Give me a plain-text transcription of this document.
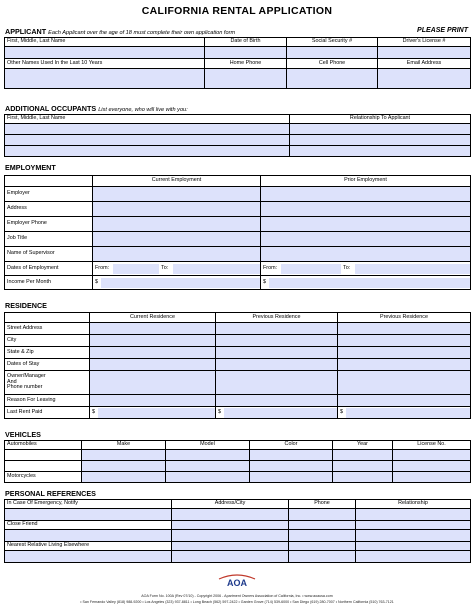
CALIFORNIA RENTAL APPLICATION
APPLICANT Each Applicant over the age of 18 must complete their own application form	PLEASE PRINT
First, Middle, Last Name	Date of Birth	Social Security #	Driver's License #

Other Names Used In the Last 10 Years	Home Phone	Cell Phone	Email Address

ADDITIONAL OCCUPANTS List everyone, who will live with you:
First, Middle, Last Name	Relationship To Applicant

EMPLOYMENT
	Current Employment	Prior Employment
Employer		
Address		
Employer Phone		
Job Title		
Name of Supervisor		
Dates of Employment	From: To:	From: To:

Income Per Month	$	$
RESIDENCE
	Current Residence	Previous Residence	Previous Residence
Street Address			
City			
State & Zip			
Dates of Stay			

Owner/Manager
And
Phone number			

Reason For Leaving			
Last Rent Paid	$	$	$
VEHICLES
Automobiles	Make	Model	Color	Year	License No.

Motorcycles					
PERSONAL REFERENCES
In Case Of Emergency, Notify	Address/City	Phone	Relationship

Close Friend			

Nearest Relative Living Elsewhere			

AOA
AOA Form No. 100A (Rev 07/10) - Copyright 2006 - Apartment Owners Association of California, Inc. • www.aoausa.com
• San Fernando Valley (818) 988-9200 • Los Angeles (323) 937-8811 • Long Beach (562) 597-2422 • Garden Grove (714) 539-6000 • San Diego (619) 280-7007 • Northern California (510) 763-7121
